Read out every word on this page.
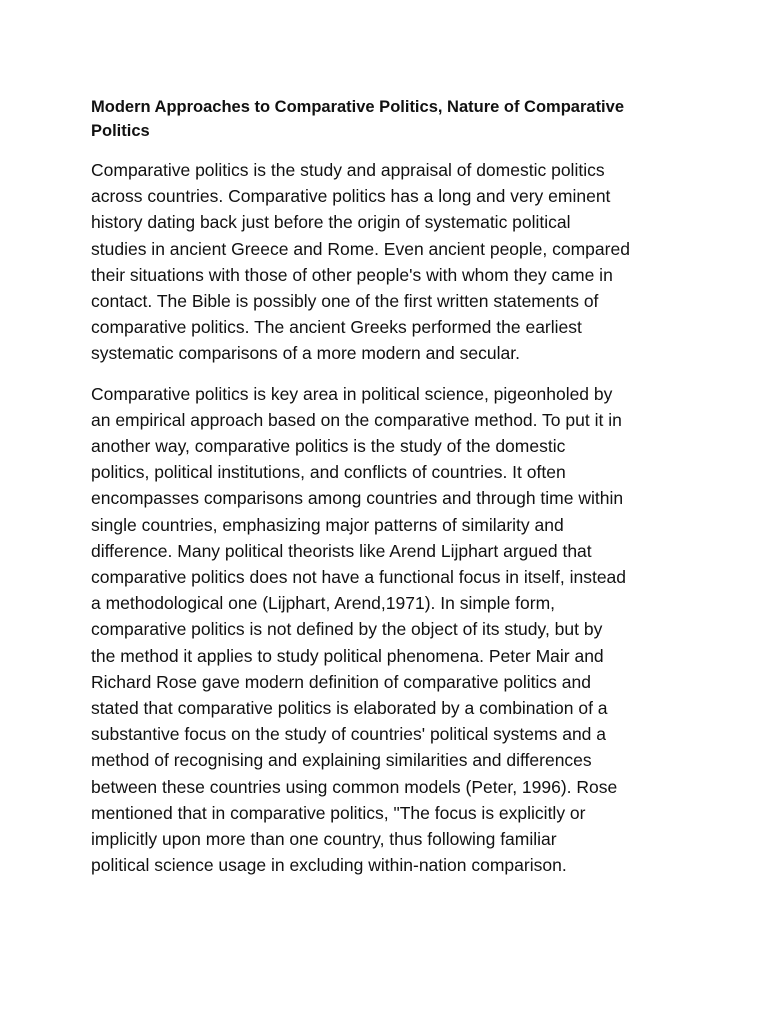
Modern Approaches to Comparative Politics, Nature of Comparative
Politics
Comparative politics is the study and appraisal of domestic politics
across countries. Comparative politics has a long and very eminent
history dating back just before the origin of systematic political
studies in ancient Greece and Rome. Even ancient people, compared
their situations with those of other people's with whom they came in
contact. The Bible is possibly one of the first written statements of
comparative politics. The ancient Greeks performed the earliest
systematic comparisons of a more modern and secular.
Comparative politics is key area in political science, pigeonholed by
an empirical approach based on the comparative method. To put it in
another way, comparative politics is the study of the domestic
politics, political institutions, and conflicts of countries. It often
encompasses comparisons among countries and through time within
single countries, emphasizing major patterns of similarity and
difference. Many political theorists like Arend Lijphart argued that
comparative politics does not have a functional focus in itself, instead
a methodological one (Lijphart, Arend,1971). In simple form,
comparative politics is not defined by the object of its study, but by
the method it applies to study political phenomena. Peter Mair and
Richard Rose gave modern definition of comparative politics and
stated that comparative politics is elaborated by a combination of a
substantive focus on the study of countries' political systems and a
method of recognising and explaining similarities and differences
between these countries using common models (Peter, 1996). Rose
mentioned that in comparative politics, "The focus is explicitly or
implicitly upon more than one country, thus following familiar
political science usage in excluding within-nation comparison.
